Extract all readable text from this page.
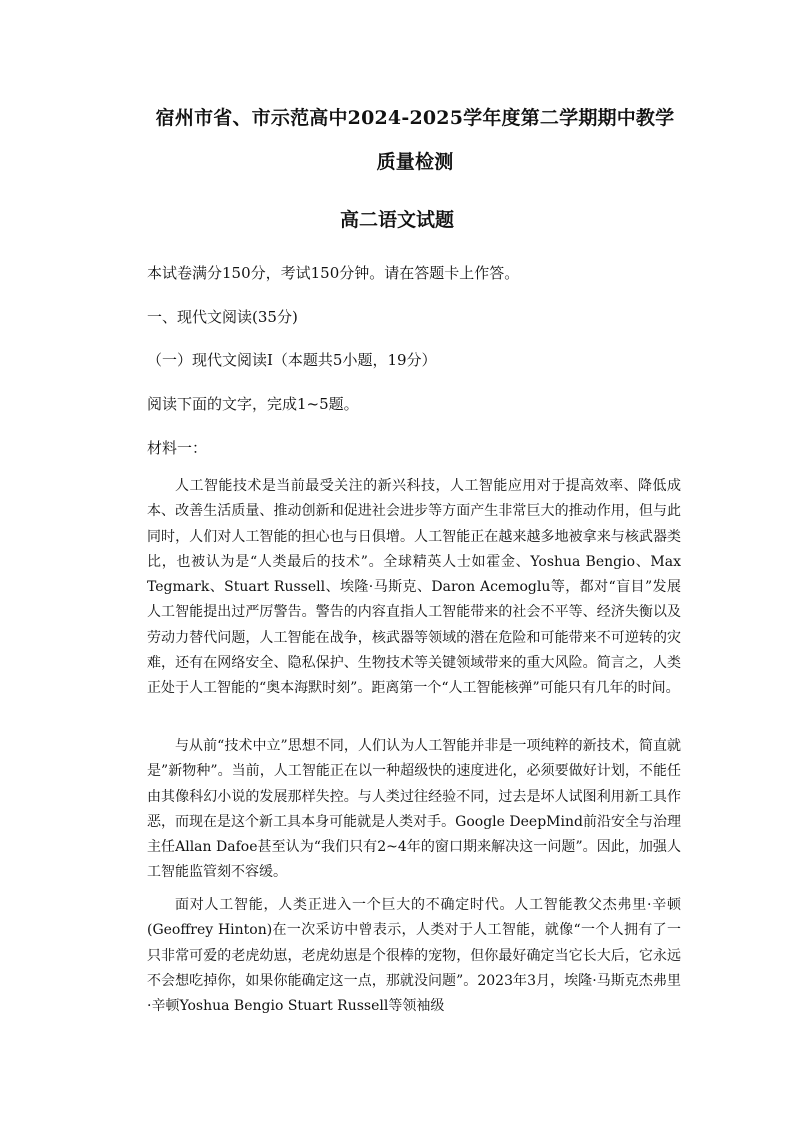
宿州市省、市示范高中2024-2025学年度第二学期期中教学质量检测
高二语文试题
本试卷满分150分，考试150分钟。请在答题卡上作答。
一、现代文阅读(35分)
（一）现代文阅读Ⅰ（本题共5小题，19分）
阅读下面的文字，完成1~5题。
材料一：

人工智能技术是当前最受关注的新兴科技，人工智能应用对于提高效率、降低成本、改善生活质量、推动创新和促进社会进步等方面产生非常巨大的推动作用，但与此同时，人们对人工智能的担心也与日俱增。人工智能正在越来越多地被拿来与核武器类比，也被认为是“人类最后的技术”。全球精英人士如霍金、Yoshua Bengio、Max Tegmark、Stuart Russell、埃隆·马斯克、Daron Acemoglu等，都对“盲目”发展人工智能提出过严厉警告。警告的内容直指人工智能带来的社会不平等、经济失衡以及劳动力替代问题，人工智能在战争，核武器等领域的潜在危险和可能带来不可逆转的灾难，还有在网络安全、隐私保护、生物技术等关键领域带来的重大风险。简言之，人类正处于人工智能的“奥本海默时刻”。距离第一个“人工智能核弹”可能只有几年的时间。

与从前“技术中立”思想不同，人们认为人工智能并非是一项纯粹的新技术，简直就是”新物种”。当前，人工智能正在以一种超级快的速度进化，必须要做好计划，不能任由其像科幻小说的发展那样失控。与人类过往经验不同，过去是坏人试图利用新工具作恶，而现在是这个新工具本身可能就是人类对手。Google DeepMind前沿安全与治理主任Allan Dafoe甚至认为“我们只有2~4年的窗口期来解决这一问题”。因此，加强人工智能监管刻不容缓。

面对人工智能，人类正进入一个巨大的不确定时代。人工智能教父杰弗里·辛顿(Geoffrey Hinton)在一次采访中曾表示，人类对于人工智能，就像“一个人拥有了一只非常可爱的老虎幼崽，老虎幼崽是个很棒的宠物，但你最好确定当它长大后，它永远不会想吃掉你，如果你能确定这一点，那就没问题”。2023年3月，埃隆·马斯克杰弗里·辛顿Yoshua Bengio Stuart Russell等领袖级
